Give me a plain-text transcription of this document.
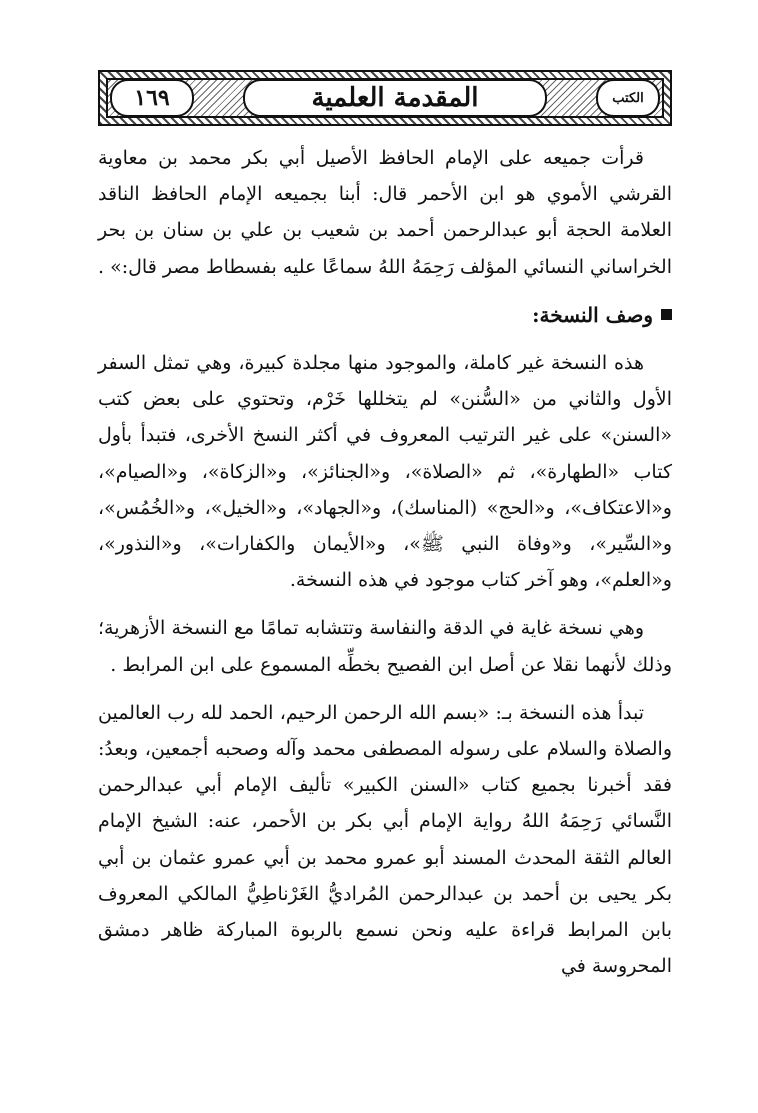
١٦٩	المقدمة العلمية	الكتب

قرأت جميعه على الإمام الحافظ الأصيل أبي بكر محمد بن معاوية القرشي الأموي هو ابن الأحمر قال: أبنا بجميعه الإمام الحافظ الناقد العلامة الحجة أبو عبدالرحمن أحمد بن شعيب بن علي بن سنان بن بحر الخراساني النسائي المؤلف رَحِمَهُ اللهُ سماعًا عليه بفسطاط مصر قال:» .

وصف النسخة:

هذه النسخة غير كاملة، والموجود منها مجلدة كبيرة، وهي تمثل السفر الأول والثاني من «السُّنن» لم يتخللها خَرْم، وتحتوي على بعض كتب «السنن» على غير الترتيب المعروف في أكثر النسخ الأخرى، فتبدأ بأول كتاب «الطهارة»، ثم «الصلاة»، و«الجنائز»، و«الزكاة»، و«الصيام»، و«الاعتكاف»، و«الحج» (المناسك)، و«الجهاد»، و«الخيل»، و«الخُمُس»، و«السِّير»، و«وفاة النبي ﷺ»، و«الأيمان والكفارات»، و«النذور»، و«العلم»، وهو آخر كتاب موجود في هذه النسخة.

وهي نسخة غاية في الدقة والنفاسة وتتشابه تمامًا مع النسخة الأزهرية؛ وذلك لأنهما نقلا عن أصل ابن الفصيح بخطِّه المسموع على ابن المرابط .

تبدأ هذه النسخة بـ: «بسم الله الرحمن الرحيم، الحمد لله رب العالمين والصلاة والسلام على رسوله المصطفى محمد وآله وصحبه أجمعين، وبعدُ: فقد أخبرنا بجميع كتاب «السنن الكبير» تأليف الإمام أبي عبدالرحمن النَّسائي رَحِمَهُ اللهُ رواية الإمام أبي بكر بن الأحمر، عنه: الشيخ الإمام العالم الثقة المحدث المسند أبو عمرو محمد بن أبي عمرو عثمان بن أبي بكر يحيى بن أحمد بن عبدالرحمن المُراديُّ الغَرْناطِيُّ المالكي المعروف بابن المرابط قراءة عليه ونحن نسمع بالربوة المباركة ظاهر دمشق المحروسة في
